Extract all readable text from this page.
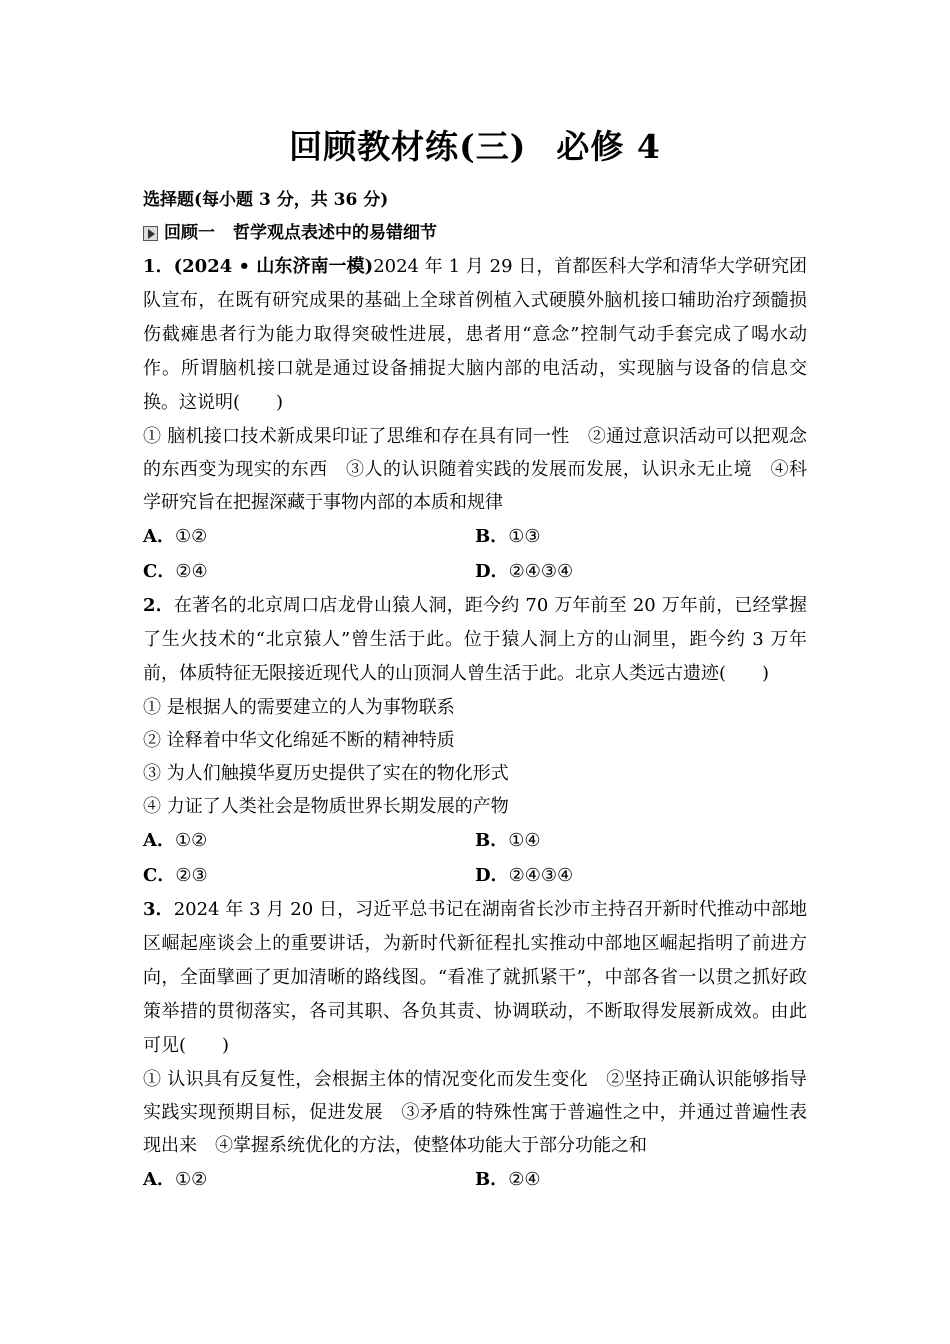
回顾教材练(三) 必修 4
选择题(每小题 3 分，共 36 分)
回顾一 哲学观点表述中的易错细节

1．(2024 • 山东济南一模)2024 年 1 月 29 日，首都医科大学和清华大学研究团队宣布，在既有研究成果的基础上全球首例植入式硬膜外脑机接口辅助治疗颈髓损伤截瘫患者行为能力取得突破性进展，患者用“意念”控制气动手套完成了喝水动作。所谓脑机接口就是通过设备捕捉大脑内部的电活动，实现脑与设备的信息交换。这说明(　　)

① 脑机接口技术新成果印证了思维和存在具有同一性　②通过意识活动可以把观念的东西变为现实的东西　③人的认识随着实践的发展而发展，认识永无止境　④科学研究旨在把握深藏于事物内部的本质和规律

A．①②	B．①③
C．②④	D．②④③④

2．在著名的北京周口店龙骨山猿人洞，距今约 70 万年前至 20 万年前，已经掌握了生火技术的“北京猿人”曾生活于此。位于猿人洞上方的山洞里，距今约 3 万年前，体质特征无限接近现代人的山顶洞人曾生活于此。北京人类远古遗迹(　　)

① 是根据人的需要建立的人为事物联系

② 诠释着中华文化绵延不断的精神特质

③ 为人们触摸华夏历史提供了实在的物化形式

④ 力证了人类社会是物质世界长期发展的产物

A．①②	B．①④
C．②③	D．②④③④

3．2024 年 3 月 20 日，习近平总书记在湖南省长沙市主持召开新时代推动中部地区崛起座谈会上的重要讲话，为新时代新征程扎实推动中部地区崛起指明了前进方向，全面擘画了更加清晰的路线图。“看准了就抓紧干”，中部各省一以贯之抓好政策举措的贯彻落实，各司其职、各负其责、协调联动，不断取得发展新成效。由此可见(　　)

① 认识具有反复性，会根据主体的情况变化而发生变化　②坚持正确认识能够指导实践实现预期目标，促进发展　③矛盾的特殊性寓于普遍性之中，并通过普遍性表现出来　④掌握系统优化的方法，使整体功能大于部分功能之和

A．①②	B．②④
